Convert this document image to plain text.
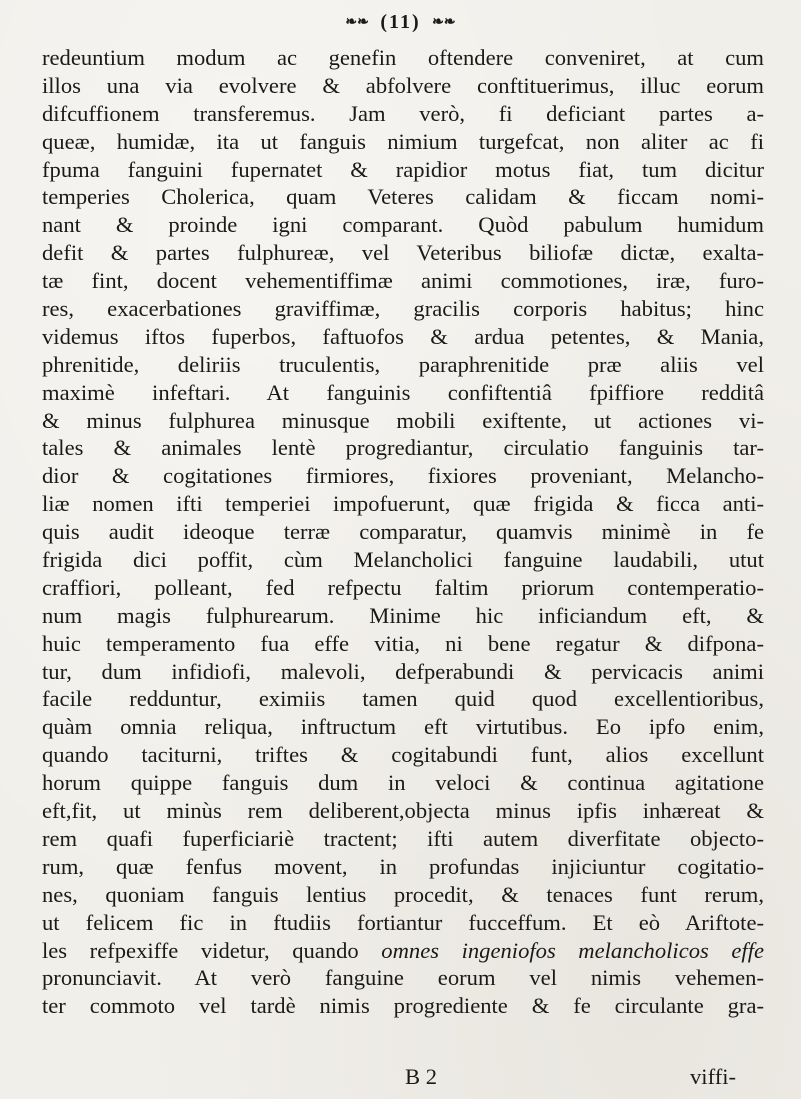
❧❧ (11) ❧❧
redeuntium modum ac genefin oftendere conveniret, at cum
illos una via evolvere & abfolvere conftituerimus, illuc eorum
difcuffionem transferemus. Jam verò, fi deficiant partes a-
queæ, humidæ, ita ut fanguis nimium turgefcat, non aliter ac fi
fpuma fanguini fupernatet & rapidior motus fiat, tum dicitur
temperies Cholerica, quam Veteres calidam & ficcam nomi-
nant & proinde igni comparant. Quòd pabulum humidum
defit & partes fulphureæ, vel Veteribus biliofæ dictæ, exalta-
tæ fint, docent vehementiffimæ animi commotiones, iræ, furo-
res, exacerbationes graviffimæ, gracilis corporis habitus; hinc
videmus iftos fuperbos, faftuofos & ardua petentes, & Mania,
phrenitide, deliriis truculentis, paraphrenitide præ aliis vel
maximè infeftari. At fanguinis confiftentiâ fpiffiore redditâ
& minus fulphurea minusque mobili exiftente, ut actiones vi-
tales & animales lentè progrediantur, circulatio fanguinis tar-
dior & cogitationes firmiores, fixiores proveniant, Melancho-
liæ nomen ifti temperiei impofuerunt, quæ frigida & ficca anti-
quis audit ideoque terræ comparatur, quamvis minimè in fe
frigida dici poffit, cùm Melancholici fanguine laudabili, utut
craffiori, polleant, fed refpectu faltim priorum contemperatio-
num magis fulphurearum. Minime hic inficiandum eft, &
huic temperamento fua effe vitia, ni bene regatur & difpona-
tur, dum infidiofi, malevoli, defperabundi & pervicacis animi
facile redduntur, eximiis tamen quid quod excellentioribus,
quàm omnia reliqua, inftructum eft virtutibus. Eo ipfo enim,
quando taciturni, triftes & cogitabundi funt, alios excellunt
horum quippe fanguis dum in veloci & continua agitatione
eft,fit, ut minùs rem deliberent,objecta minus ipfis inhæreat &
rem quafi fuperficiariè tractent; ifti autem diverfitate objecto-
rum, quæ fenfus movent, in profundas injiciuntur cogitatio-
nes, quoniam fanguis lentius procedit, & tenaces funt rerum,
ut felicem fic in ftudiis fortiantur fucceffum. Et eò Ariftote-
les refpexiffe videtur, quando omnes ingeniofos melancholicos effe
pronunciavit. At verò fanguine eorum vel nimis vehemen-
ter commoto vel tardè nimis progrediente & fe circulante gra-
B 2	viffi-
